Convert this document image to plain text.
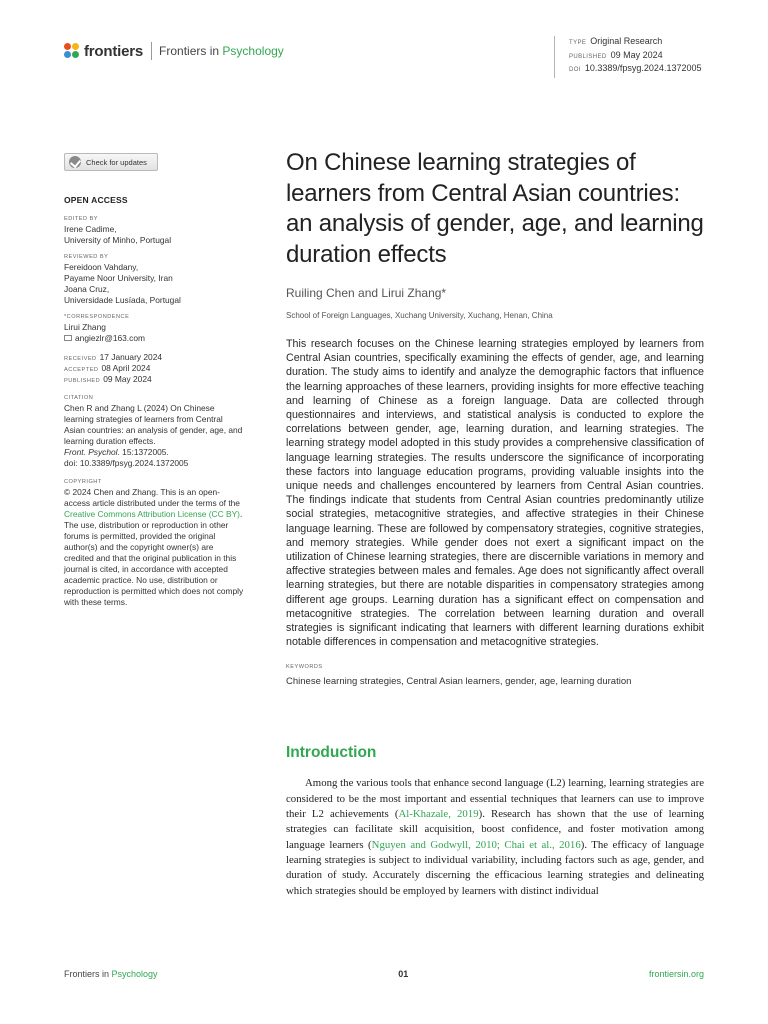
frontiers Frontiers in Psychology
TYPE Original Research
PUBLISHED 09 May 2024
DOI 10.3389/fpsyg.2024.1372005
Check for updates
OPEN ACCESS
EDITED BY
Irene Cadime,
University of Minho, Portugal
REVIEWED BY
Fereidoon Vahdany,
Payame Noor University, Iran
Joana Cruz,
Universidade Lusíada, Portugal
*CORRESPONDENCE
Lirui Zhang
angiezlr@163.com
RECEIVED 17 January 2024
ACCEPTED 08 April 2024
PUBLISHED 09 May 2024
CITATION
Chen R and Zhang L (2024) On Chinese learning strategies of learners from Central Asian countries: an analysis of gender, age, and learning duration effects.
Front. Psychol. 15:1372005.
doi: 10.3389/fpsyg.2024.1372005
COPYRIGHT
© 2024 Chen and Zhang. This is an open-access article distributed under the terms of the Creative Commons Attribution License (CC BY). The use, distribution or reproduction in other forums is permitted, provided the original author(s) and the copyright owner(s) are credited and that the original publication in this journal is cited, in accordance with accepted academic practice. No use, distribution or reproduction is permitted which does not comply with these terms.
On Chinese learning strategies of learners from Central Asian countries: an analysis of gender, age, and learning duration effects
Ruiling Chen and Lirui Zhang*
School of Foreign Languages, Xuchang University, Xuchang, Henan, China

This research focuses on the Chinese learning strategies employed by learners from Central Asian countries, specifically examining the effects of gender, age, and learning duration. The study aims to identify and analyze the demographic factors that influence the learning approaches of these learners, providing insights for more effective teaching and learning of Chinese as a foreign language. Data are collected through questionnaires and interviews, and statistical analysis is conducted to explore the correlations between gender, age, learning duration, and learning strategies. The learning strategy model adopted in this study provides a comprehensive classification of language learning strategies. The results underscore the significance of incorporating these factors into language education programs, providing valuable insights into the unique needs and challenges encountered by learners from Central Asian countries. The findings indicate that students from Central Asian countries predominantly utilize social strategies, metacognitive strategies, and affective strategies in their Chinese language learning. These are followed by compensatory strategies, cognitive strategies, and memory strategies. While gender does not exert a significant impact on the utilization of Chinese learning strategies, there are discernible variations in memory and affective strategies between males and females. Age does not significantly affect overall learning strategies, but there are notable disparities in compensatory strategies among different age groups. Learning duration has a significant effect on compensation and metacognitive strategies. The correlation between learning duration and overall strategies is significant indicating that learners with different learning durations exhibit notable differences in compensation and metacognitive strategies.

KEYWORDS
Chinese learning strategies, Central Asian learners, gender, age, learning duration
Introduction

Among the various tools that enhance second language (L2) learning, learning strategies are considered to be the most important and essential techniques that learners can use to improve their L2 achievements (Al-Khazale, 2019). Research has shown that the use of learning strategies can facilitate skill acquisition, boost confidence, and foster motivation among language learners (Nguyen and Godwyll, 2010; Chai et al., 2016). The efficacy of language learning strategies is subject to individual variability, including factors such as age, gender, and duration of study. Accurately discerning the efficacious learning strategies and delineating which strategies should be employed by learners with distinct individual

Frontiers in Psychology	01	frontiersin.org
